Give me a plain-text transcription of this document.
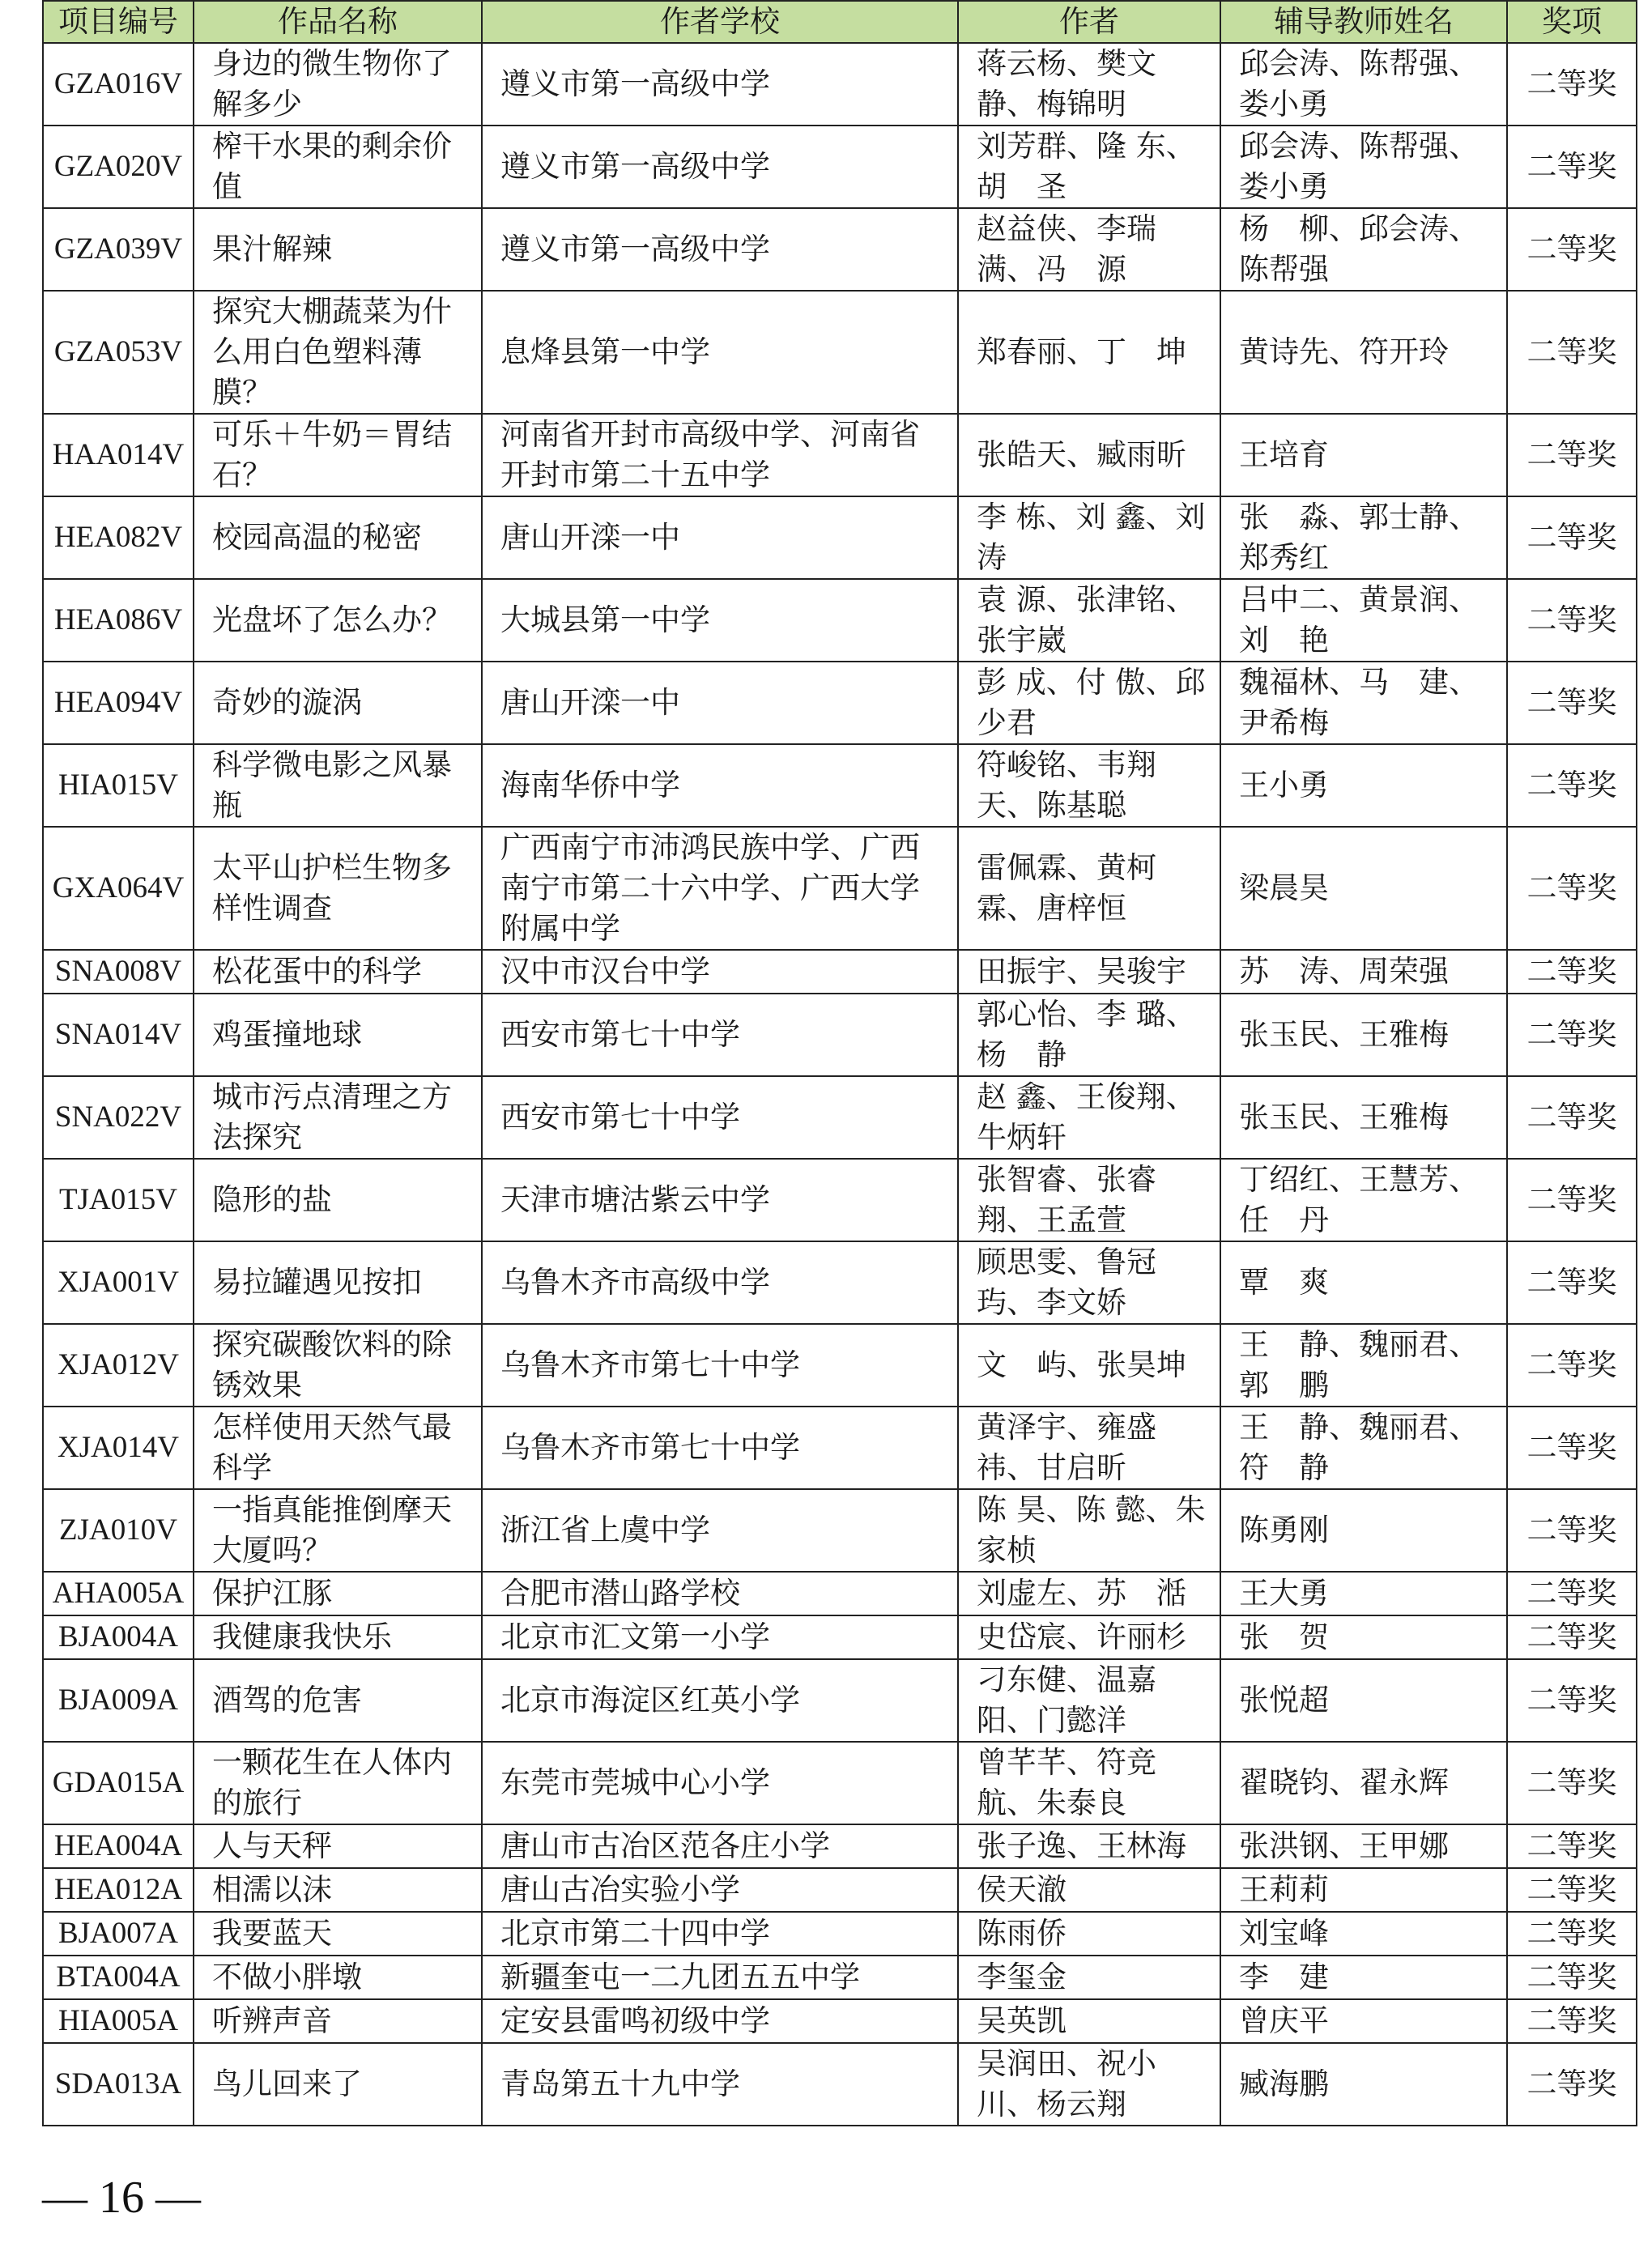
项目编号	作品名称	作者学校	作者	辅导教师姓名	奖项
GZA016V	身边的微生物你了解多少	遵义市第一高级中学	蒋云杨、樊文静、梅锦明	邱会涛、陈帮强、娄小勇	二等奖
GZA020V	榨干水果的剩余价值	遵义市第一高级中学	刘芳群、隆 东、胡　圣	邱会涛、陈帮强、娄小勇	二等奖
GZA039V	果汁解辣	遵义市第一高级中学	赵益侠、李瑞满、冯　源	杨　柳、邱会涛、陈帮强	二等奖
GZA053V	探究大棚蔬菜为什么用白色塑料薄膜？	息烽县第一中学	郑春丽、丁　坤	黄诗先、符开玲	二等奖
HAA014V	可乐＋牛奶＝胃结石？	河南省开封市高级中学、河南省开封市第二十五中学	张皓天、臧雨昕	王培育	二等奖
HEA082V	校园高温的秘密	唐山开滦一中	李 栋、刘 鑫、刘　涛	张　淼、郭士静、郑秀红	二等奖
HEA086V	光盘坏了怎么办？	大城县第一中学	袁 源、张津铭、张宇崴	吕中二、黄景润、刘　艳	二等奖
HEA094V	奇妙的漩涡	唐山开滦一中	彭 成、付 傲、邱少君	魏福林、马　建、尹希梅	二等奖
HIA015V	科学微电影之风暴瓶	海南华侨中学	符峻铭、韦翔天、陈基聪	王小勇	二等奖
GXA064V	太平山护栏生物多样性调查	广西南宁市沛鸿民族中学、广西南宁市第二十六中学、广西大学附属中学	雷佩霖、黄柯霖、唐梓恒	梁晨昊	二等奖
SNA008V	松花蛋中的科学	汉中市汉台中学	田振宇、吴骏宇	苏　涛、周荣强	二等奖
SNA014V	鸡蛋撞地球	西安市第七十中学	郭心怡、李 璐、杨　静	张玉民、王雅梅	二等奖
SNA022V	城市污点清理之方法探究	西安市第七十中学	赵 鑫、王俊翔、牛炳轩	张玉民、王雅梅	二等奖
TJA015V	隐形的盐	天津市塘沽紫云中学	张智睿、张睿翔、王孟萱	丁绍红、王慧芳、任　丹	二等奖
XJA001V	易拉罐遇见按扣	乌鲁木齐市高级中学	顾思雯、鲁冠玙、李文娇	覃　爽	二等奖
XJA012V	探究碳酸饮料的除锈效果	乌鲁木齐市第七十中学	文　屿、张昊坤	王　静、魏丽君、郭　鹏	二等奖
XJA014V	怎样使用天然气最科学	乌鲁木齐市第七十中学	黄泽宇、雍盛祎、甘启昕	王　静、魏丽君、符　静	二等奖
ZJA010V	一指真能推倒摩天大厦吗？	浙江省上虞中学	陈 昊、陈 懿、朱家桢	陈勇刚	二等奖
AHA005A	保护江豚	合肥市潜山路学校	刘虚左、苏　湉	王大勇	二等奖
BJA004A	我健康我快乐	北京市汇文第一小学	史岱宸、许丽杉	张　贺	二等奖
BJA009A	酒驾的危害	北京市海淀区红英小学	刁东健、温嘉阳、门懿洋	张悦超	二等奖
GDA015A	一颗花生在人体内的旅行	东莞市莞城中心小学	曾芊芊、符竞航、朱泰良	翟晓钧、翟永辉	二等奖
HEA004A	人与天秤	唐山市古冶区范各庄小学	张子逸、王林海	张洪钢、王甲娜	二等奖
HEA012A	相濡以沫	唐山古冶实验小学	侯天澈	王莉莉	二等奖
BJA007A	我要蓝天	北京市第二十四中学	陈雨侨	刘宝峰	二等奖
BTA004A	不做小胖墩	新疆奎屯一二九团五五中学	李玺金	李　建	二等奖
HIA005A	听辨声音	定安县雷鸣初级中学	吴英凯	曾庆平	二等奖
SDA013A	鸟儿回来了	青岛第五十九中学	吴润田、祝小川、杨云翔	臧海鹏	二等奖
— 16 —
